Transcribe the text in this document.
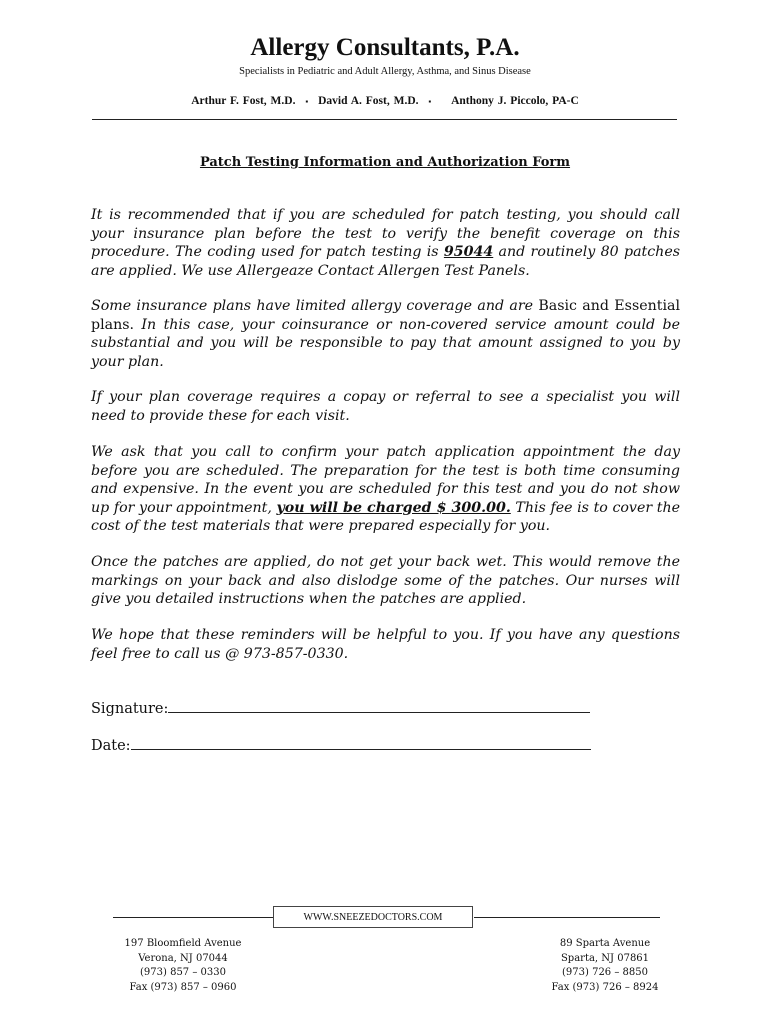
Allergy Consultants, P.A.
Specialists in Pediatric and Adult Allergy, Asthma, and Sinus Disease
Arthur F. Fost, M.D. ▪ David A. Fost, M.D. ▪ Anthony J. Piccolo, PA-C
Patch Testing Information and Authorization Form

It is recommended that if you are scheduled for patch testing, you should call your insurance plan before the test to verify the benefit coverage on this procedure. The coding used for patch testing is 95044 and routinely 80 patches are applied. We use Allergeaze Contact Allergen Test Panels.

Some insurance plans have limited allergy coverage and are Basic and Essential plans. In this case, your coinsurance or non-covered service amount could be substantial and you will be responsible to pay that amount assigned to you by your plan.

If your plan coverage requires a copay or referral to see a specialist you will need to provide these for each visit.

We ask that you call to confirm your patch application appointment the day before you are scheduled. The preparation for the test is both time consuming and expensive. In the event you are scheduled for this test and you do not show up for your appointment, you will be charged $ 300.00. This fee is to cover the cost of the test materials that were prepared especially for you.

Once the patches are applied, do not get your back wet. This would remove the markings on your back and also dislodge some of the patches. Our nurses will give you detailed instructions when the patches are applied.

We hope that these reminders will be helpful to you. If you have any questions feel free to call us @ 973-857-0330.

Signature:
Date:
WWW.SNEEZEDOCTORS.COM
197 Bloomfield Avenue
Verona, NJ 07044
(973) 857 – 0330
Fax (973) 857 – 0960
89 Sparta Avenue
Sparta, NJ 07861
(973) 726 – 8850
Fax (973) 726 – 8924
